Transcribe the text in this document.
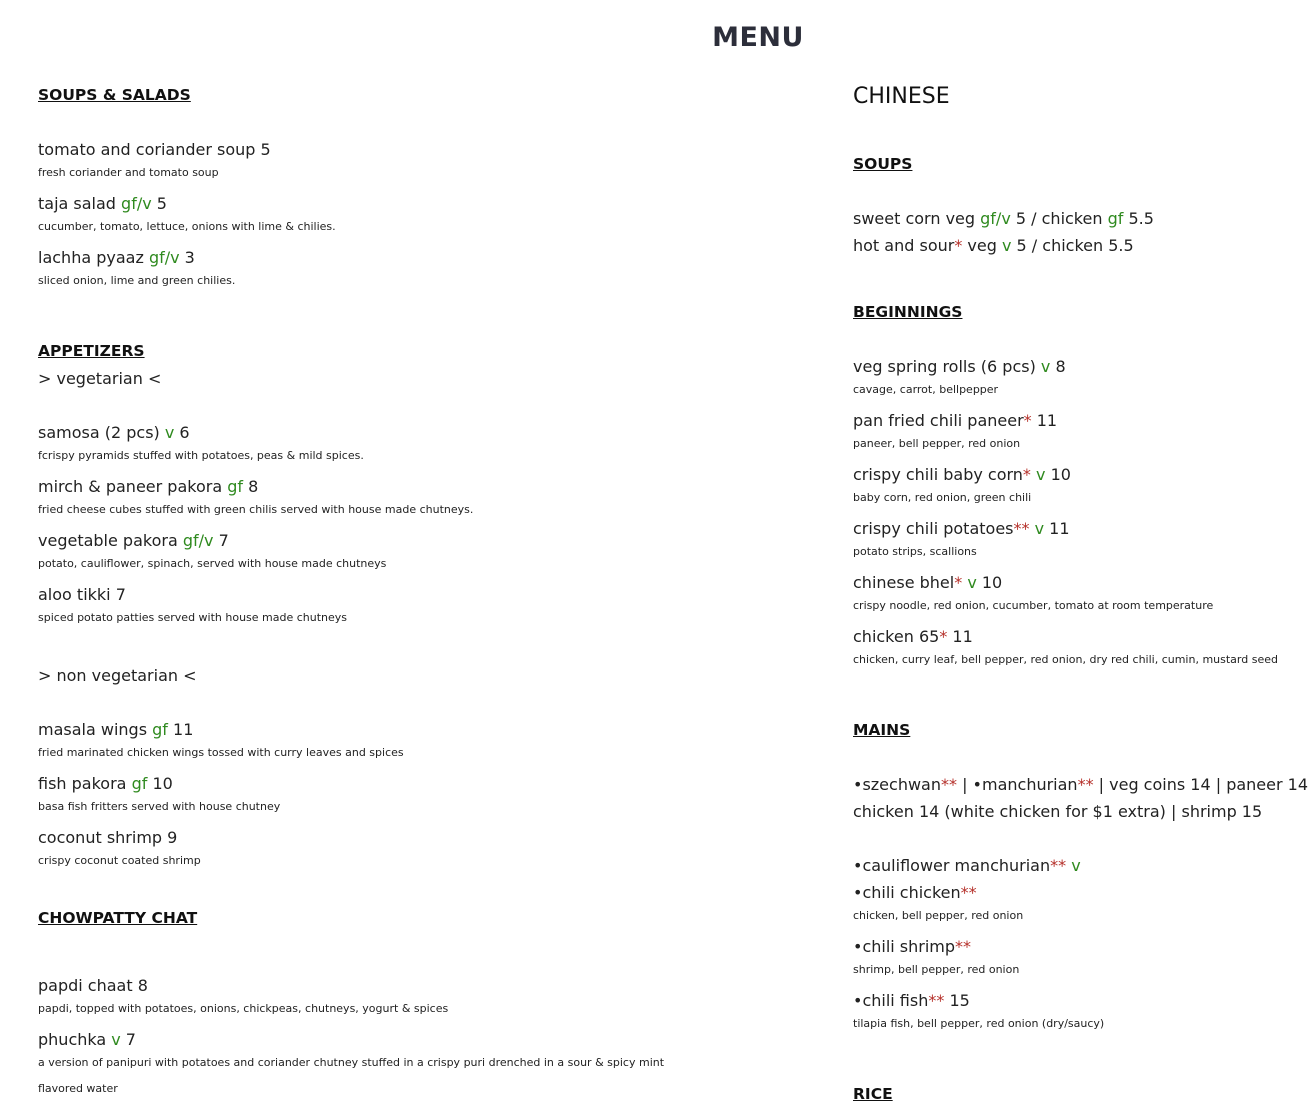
MENU
SOUPS & SALADS
tomato and coriander soup 5
fresh coriander and tomato soup
taja salad gf/v 5
cucumber, tomato, lettuce, onions with lime & chilies.
lachha pyaaz gf/v 3
sliced onion, lime and green chilies.
APPETIZERS
> vegetarian <
samosa (2 pcs) v 6
fcrispy pyramids stuffed with potatoes, peas & mild spices.
mirch & paneer pakora gf 8
fried cheese cubes stuffed with green chilis served with house made chutneys.
vegetable pakora gf/v 7
potato, cauliflower, spinach, served with house made chutneys
aloo tikki 7
spiced potato patties served with house made chutneys
> non vegetarian <
masala wings gf 11
fried marinated chicken wings tossed with curry leaves and spices
fish pakora gf 10
basa fish fritters served with house chutney
coconut shrimp 9
crispy coconut coated shrimp
CHOWPATTY CHAT
papdi chaat 8
papdi, topped with potatoes, onions, chickpeas, chutneys, yogurt & spices
phuchka v 7
a version of panipuri with potatoes and coriander chutney stuffed in a crispy puri drenched in a sour & spicy mint
flavored water
CHINESE
SOUPS
sweet corn veg gf/v 5 / chicken gf 5.5
hot and sour* veg v 5 / chicken 5.5
BEGINNINGS
veg spring rolls (6 pcs) v 8
cavage, carrot, bellpepper
pan fried chili paneer* 11
paneer, bell pepper, red onion
crispy chili baby corn* v 10
baby corn, red onion, green chili
crispy chili potatoes** v 11
potato strips, scallions
chinese bhel* v 10
crispy noodle, red onion, cucumber, tomato at room temperature
chicken 65* 11
chicken, curry leaf, bell pepper, red onion, dry red chili, cumin, mustard seed
MAINS
•szechwan** | •manchurian** | veg coins 14 | paneer 14
chicken 14 (white chicken for $1 extra) | shrimp 15
•cauliflower manchurian** v
•chili chicken**
chicken, bell pepper, red onion
•chili shrimp**
shrimp, bell pepper, red onion
•chili fish** 15
tilapia fish, bell pepper, red onion (dry/saucy)
RICE
